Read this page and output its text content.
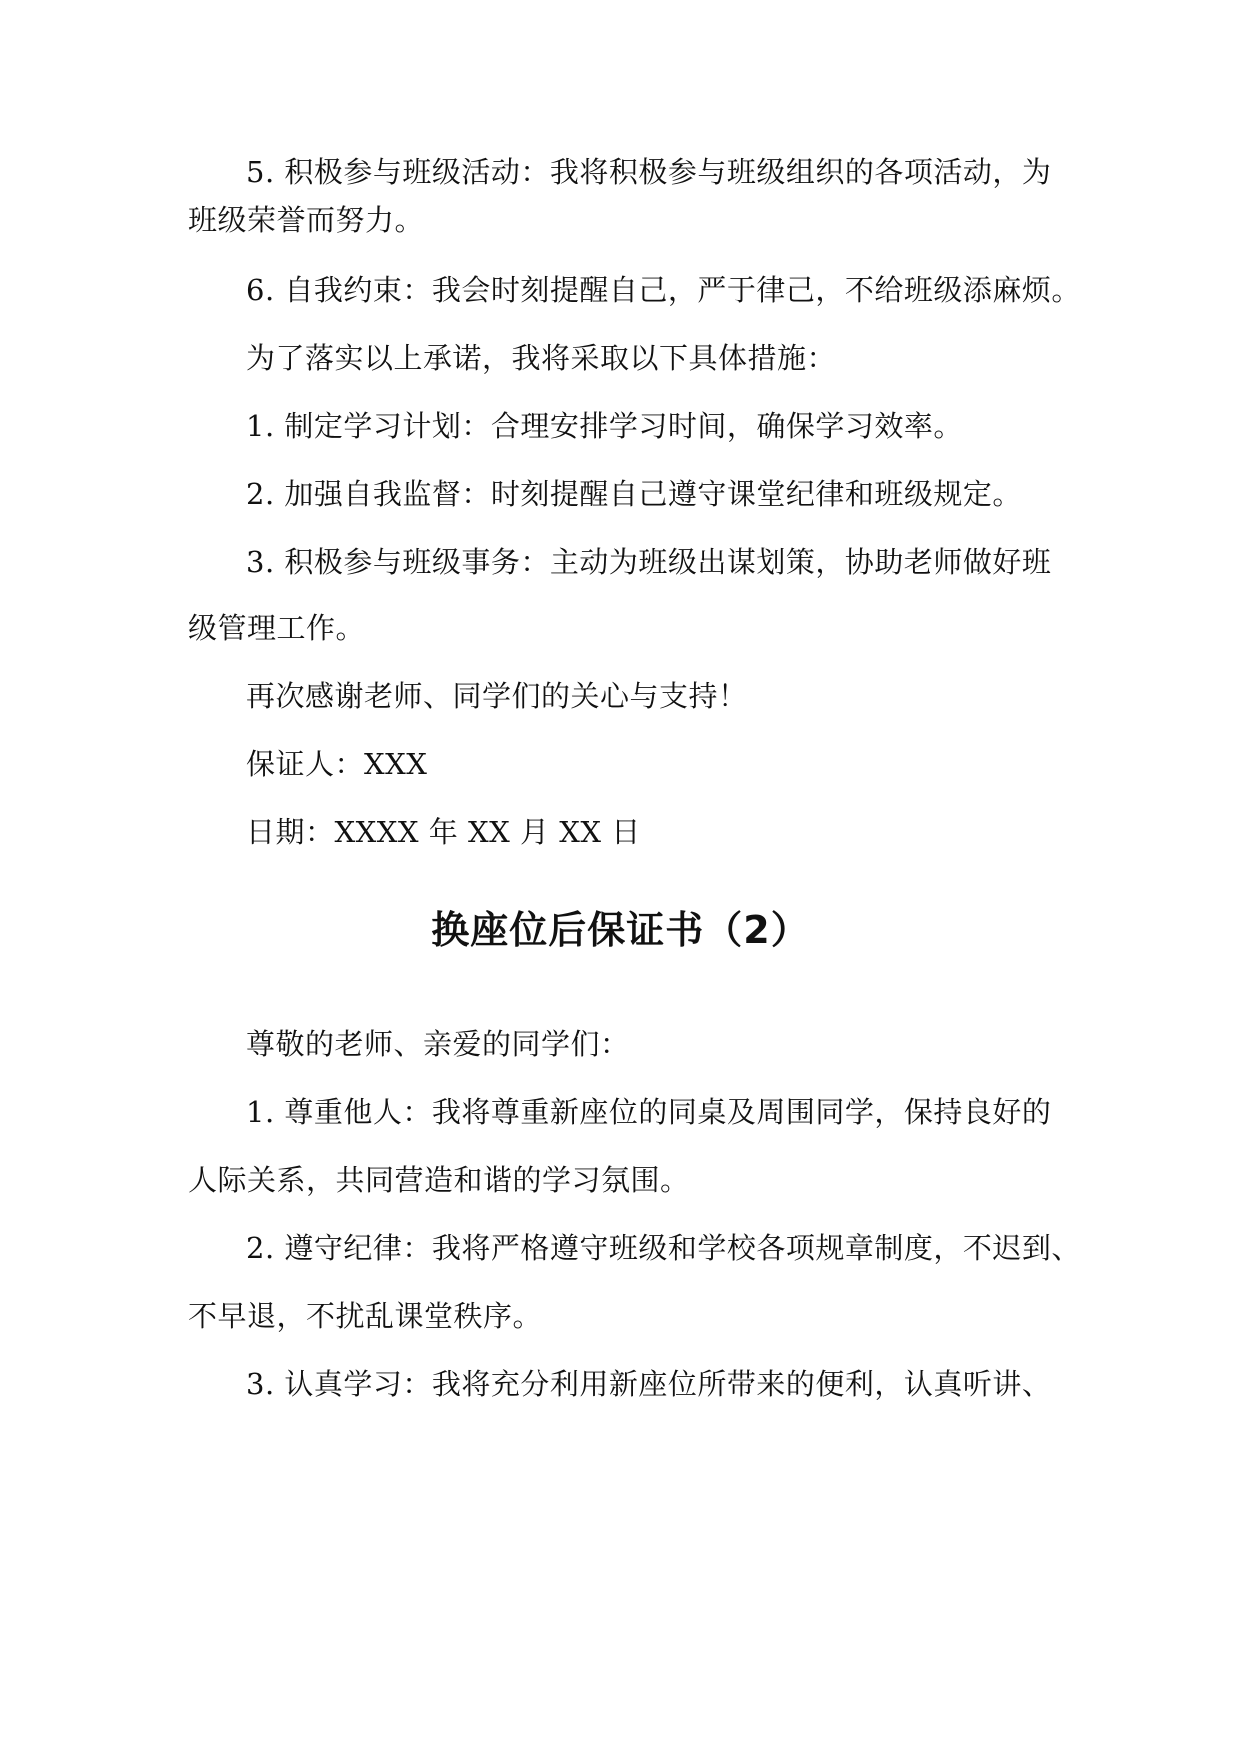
5. 积极参与班级活动：我将积极参与班级组织的各项活动，为
班级荣誉而努力。
6. 自我约束：我会时刻提醒自己，严于律己，不给班级添麻烦。
为了落实以上承诺，我将采取以下具体措施：
1. 制定学习计划：合理安排学习时间，确保学习效率。
2. 加强自我监督：时刻提醒自己遵守课堂纪律和班级规定。
3. 积极参与班级事务：主动为班级出谋划策，协助老师做好班
级管理工作。
再次感谢老师、同学们的关心与支持！
保证人：XXX
日期：XXXX 年 XX 月 XX 日
换座位后保证书（2）
尊敬的老师、亲爱的同学们：
1. 尊重他人：我将尊重新座位的同桌及周围同学，保持良好的
人际关系，共同营造和谐的学习氛围。
2. 遵守纪律：我将严格遵守班级和学校各项规章制度，不迟到、
不早退，不扰乱课堂秩序。
3. 认真学习：我将充分利用新座位所带来的便利，认真听讲、
